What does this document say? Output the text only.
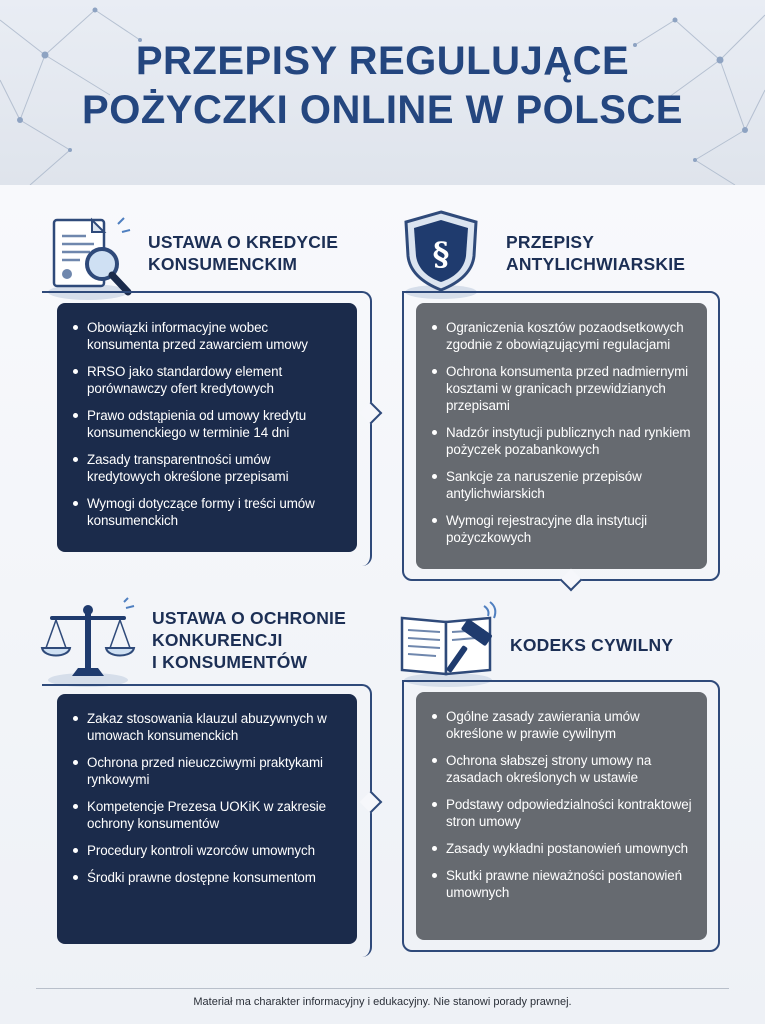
PRZEPISY REGULUJĄCE
POŻYCZKI ONLINE W POLSCE
USTAWA O KREDYCIE
KONSUMENCKIM
Obowiązki informacyjne wobec konsumenta przed zawarciem umowy
RRSO jako standardowy element porównawczy ofert kredytowych
Prawo odstąpienia od umowy kredytu konsumenckiego w terminie 14 dni
Zasady transparentności umów kredytowych określone przepisami
Wymogi dotyczące formy i treści umów konsumenckich
§	PRZEPISY
ANTYLICHWIARSKIE
Ograniczenia kosztów pozaodsetkowych zgodnie z obowiązującymi regulacjami
Ochrona konsumenta przed nadmiernymi kosztami w granicach przewidzianych przepisami
Nadzór instytucji publicznych nad rynkiem pożyczek pozabankowych
Sankcje za naruszenie przepisów antylichwiarskich
Wymogi rejestracyjne dla instytucji pożyczkowych
USTAWA O OCHRONIE
KONKURENCJI
I KONSUMENTÓW
Zakaz stosowania klauzul abuzywnych w umowach konsumenckich
Ochrona przed nieuczciwymi praktykami rynkowymi
Kompetencje Prezesa UOKiK w zakresie ochrony konsumentów
Procedury kontroli wzorców umownych
Środki prawne dostępne konsumentom
KODEKS CYWILNY
Ogólne zasady zawierania umów określone w prawie cywilnym
Ochrona słabszej strony umowy na zasadach określonych w ustawie
Podstawy odpowiedzialności kontraktowej stron umowy
Zasady wykładni postanowień umownych
Skutki prawne nieważności postanowień umownych
Materiał ma charakter informacyjny i edukacyjny. Nie stanowi porady prawnej.
